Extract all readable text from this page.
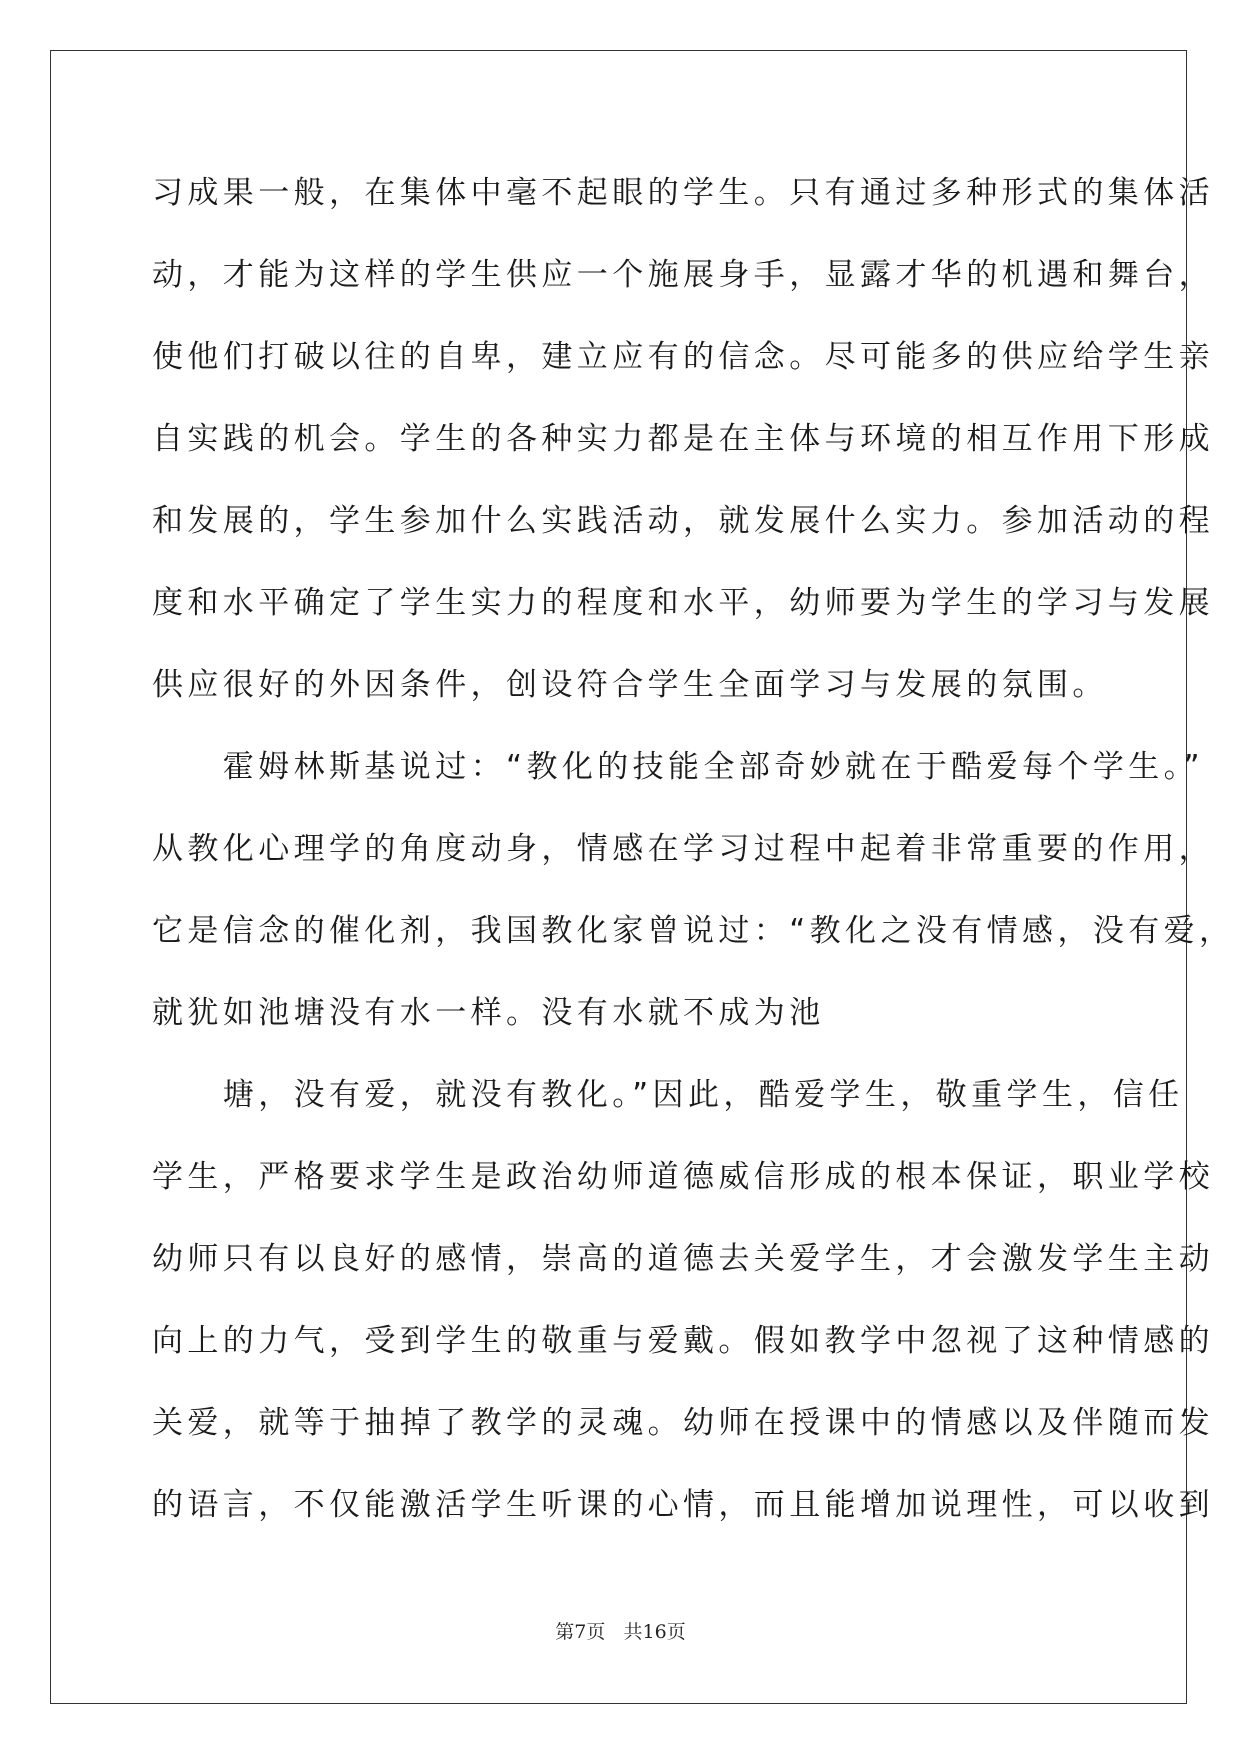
习成果一般，在集体中毫不起眼的学生。只有通过多种形式的集体活
动，才能为这样的学生供应一个施展身手，显露才华的机遇和舞台，
使他们打破以往的自卑，建立应有的信念。尽可能多的供应给学生亲
自实践的机会。学生的各种实力都是在主体与环境的相互作用下形成
和发展的，学生参加什么实践活动，就发展什么实力。参加活动的程
度和水平确定了学生实力的程度和水平，幼师要为学生的学习与发展
供应很好的外因条件，创设符合学生全面学习与发展的氛围。
　　霍姆林斯基说过：“教化的技能全部奇妙就在于酷爱每个学生。”
从教化心理学的角度动身，情感在学习过程中起着非常重要的作用，
它是信念的催化剂，我国教化家曾说过：“教化之没有情感，没有爱，
就犹如池塘没有水一样。没有水就不成为池
　　塘，没有爱，就没有教化。”因此，酷爱学生，敬重学生，信任
学生，严格要求学生是政治幼师道德威信形成的根本保证，职业学校
幼师只有以良好的感情，崇高的道德去关爱学生，才会激发学生主动
向上的力气，受到学生的敬重与爱戴。假如教学中忽视了这种情感的
关爱，就等于抽掉了教学的灵魂。幼师在授课中的情感以及伴随而发
的语言，不仅能激活学生听课的心情，而且能增加说理性，可以收到
第7页 共16页
